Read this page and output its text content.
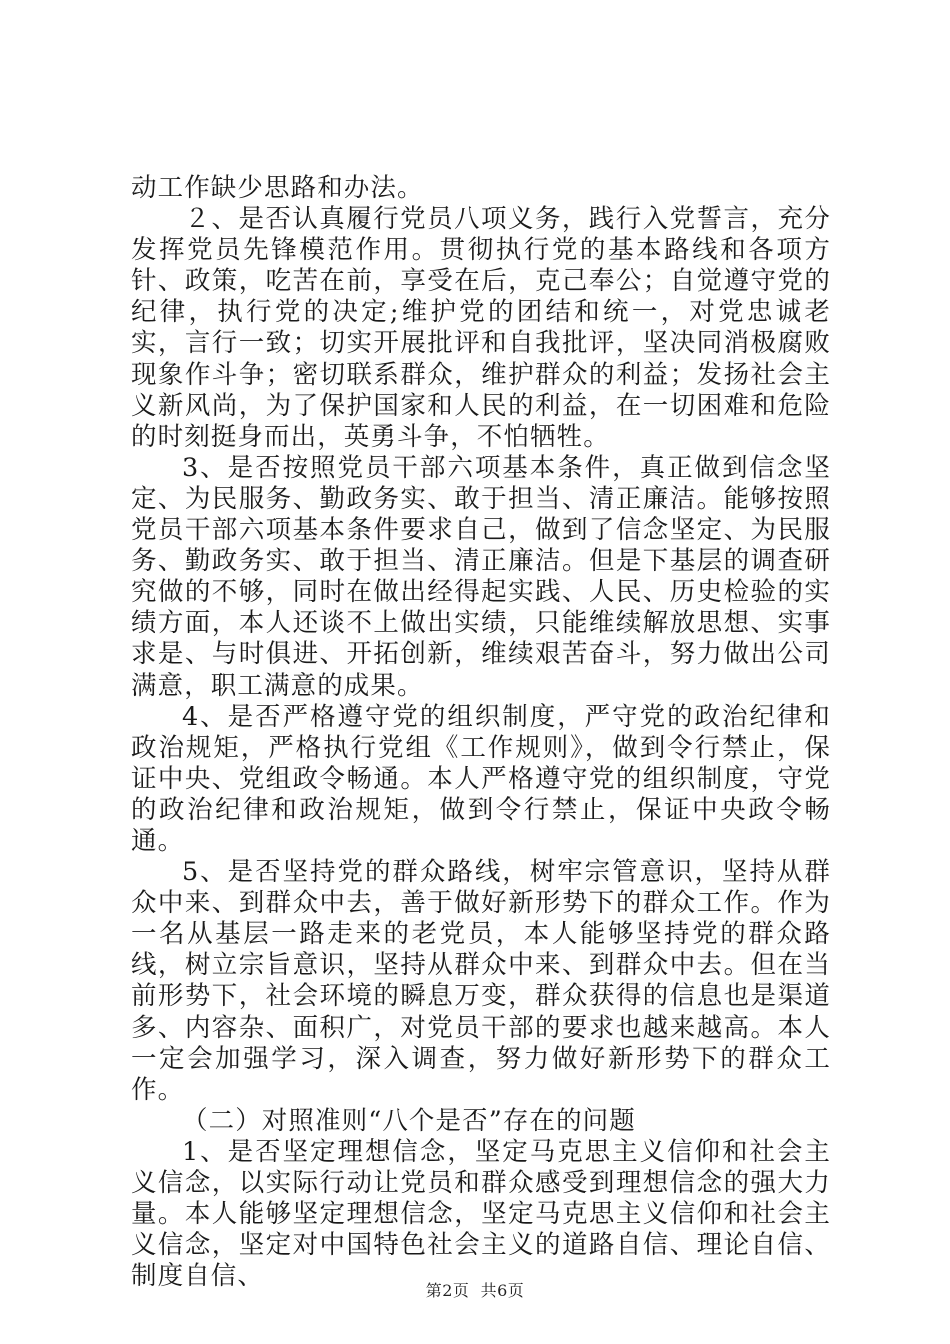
动工作缺少思路和办法。

２、是否认真履行党员八项义务，践行入党誓言，充分发挥党员先锋模范作用。贯彻执行党的基本路线和各项方针、政策，吃苦在前，享受在后，克己奉公；自觉遵守党的纪律，执行党的决定;维护党的团结和统一，对党忠诚老实，言行一致；切实开展批评和自我批评，坚决同消极腐败现象作斗争；密切联系群众，维护群众的利益；发扬社会主义新风尚，为了保护国家和人民的利益，在一切困难和危险的时刻挺身而出，英勇斗争，不怕牺牲。

3、是否按照党员干部六项基本条件，真正做到信念坚定、为民服务、勤政务实、敢于担当、清正廉洁。能够按照党员干部六项基本条件要求自己，做到了信念坚定、为民服务、勤政务实、敢于担当、清正廉洁。但是下基层的调查研究做的不够，同时在做出经得起实践、人民、历史检验的实绩方面，本人还谈不上做出实绩，只能维续解放思想、实事求是、与时俱进、开拓创新，维续艰苦奋斗，努力做出公司满意，职工满意的成果。

4、是否严格遵守党的组织制度，严守党的政治纪律和政治规矩，严格执行党组《工作规则》，做到令行禁止，保证中央、党组政令畅通。本人严格遵守党的组织制度，守党的政治纪律和政治规矩，做到令行禁止，保证中央政令畅通。

5、是否坚持党的群众路线，树牢宗管意识，坚持从群众中来、到群众中去，善于做好新形势下的群众工作。作为一名从基层一路走来的老党员，本人能够坚持党的群众路线，树立宗旨意识，坚持从群众中来、到群众中去。但在当前形势下，社会环境的瞬息万变，群众获得的信息也是渠道多、内容杂、面积广，对党员干部的要求也越来越高。本人一定会加强学习，深入调查，努力做好新形势下的群众工作。

（二）对照准则“八个是否”存在的问题

1、是否坚定理想信念，坚定马克思主义信仰和社会主义信念，以实际行动让党员和群众感受到理想信念的强大力量。本人能够坚定理想信念，坚定马克思主义信仰和社会主义信念，坚定对中国特色社会主义的道路自信、理论自信、制度自信、	第2页  共6页
